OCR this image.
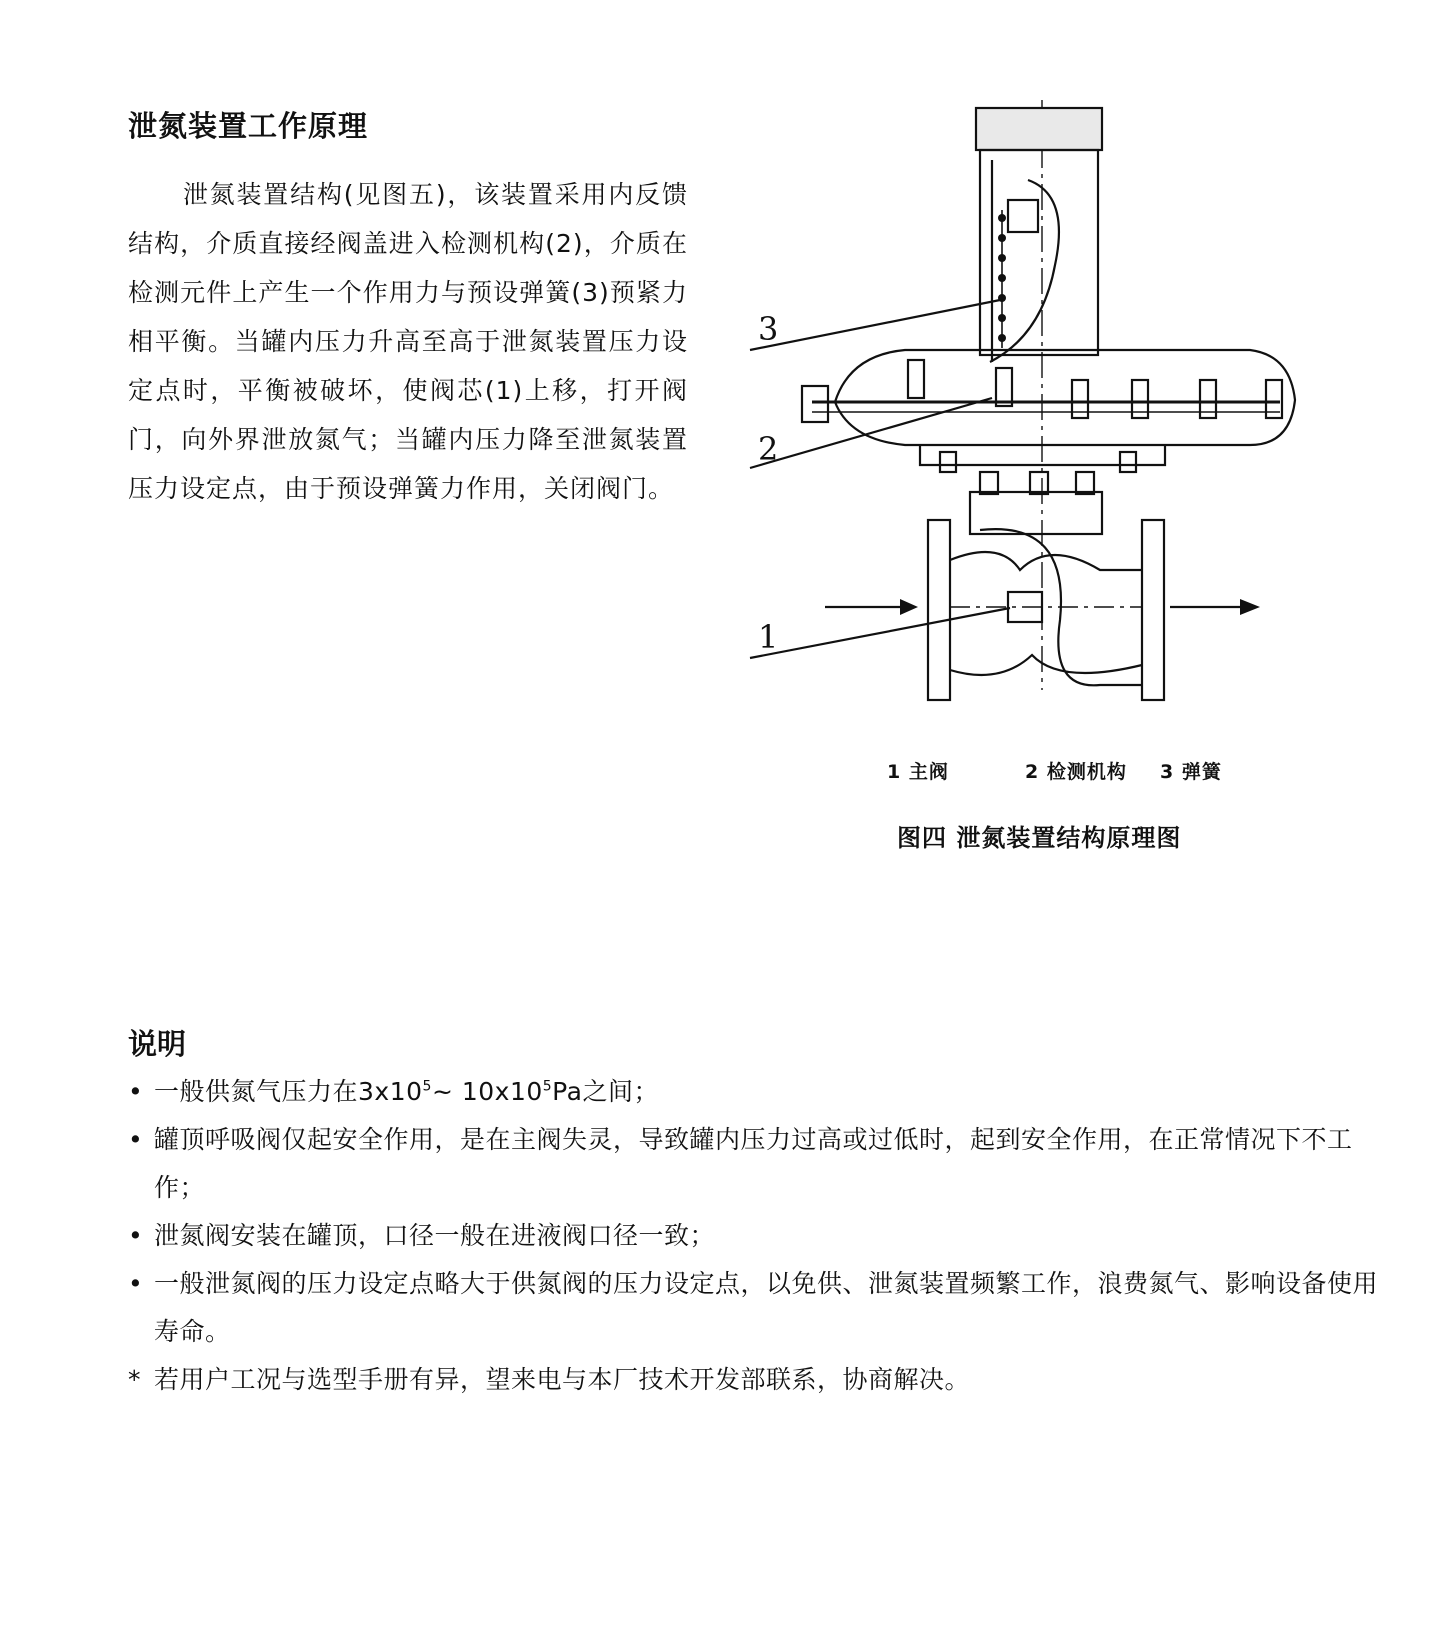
泄氮装置工作原理

泄氮装置结构(见图五)，该装置采用内反馈结构，介质直接经阀盖进入检测机构(2)，介质在检测元件上产生一个作用力与预设弹簧(3)预紧力相平衡。当罐内压力升高至高于泄氮装置压力设定点时，平衡被破坏，使阀芯(1)上移，打开阀门，向外界泄放氮气；当罐内压力降至泄氮装置压力设定点，由于预设弹簧力作用，关闭阀门。

3
2
1
1 主阀	2 检测机构 3 弹簧

图四 泄氮装置结构原理图

说明
• 一般供氮气压力在$3x10^5\sim$ $10x10^5Pa$之间；
• 罐顶呼吸阀仅起安全作用，是在主阀失灵，导致罐内压力过高或过低时，起到安全作用，在正常情况下不工作；
• 泄氮阀安装在罐顶，口径一般在进液阀口径一致；
• 一般泄氮阀的压力设定点略大于供氮阀的压力设定点，以免供、泄氮装置频繁工作，浪费氮气、影响设备使用寿命。
* 若用户工况与选型手册有异，望来电与本厂技术开发部联系，协商解决。
